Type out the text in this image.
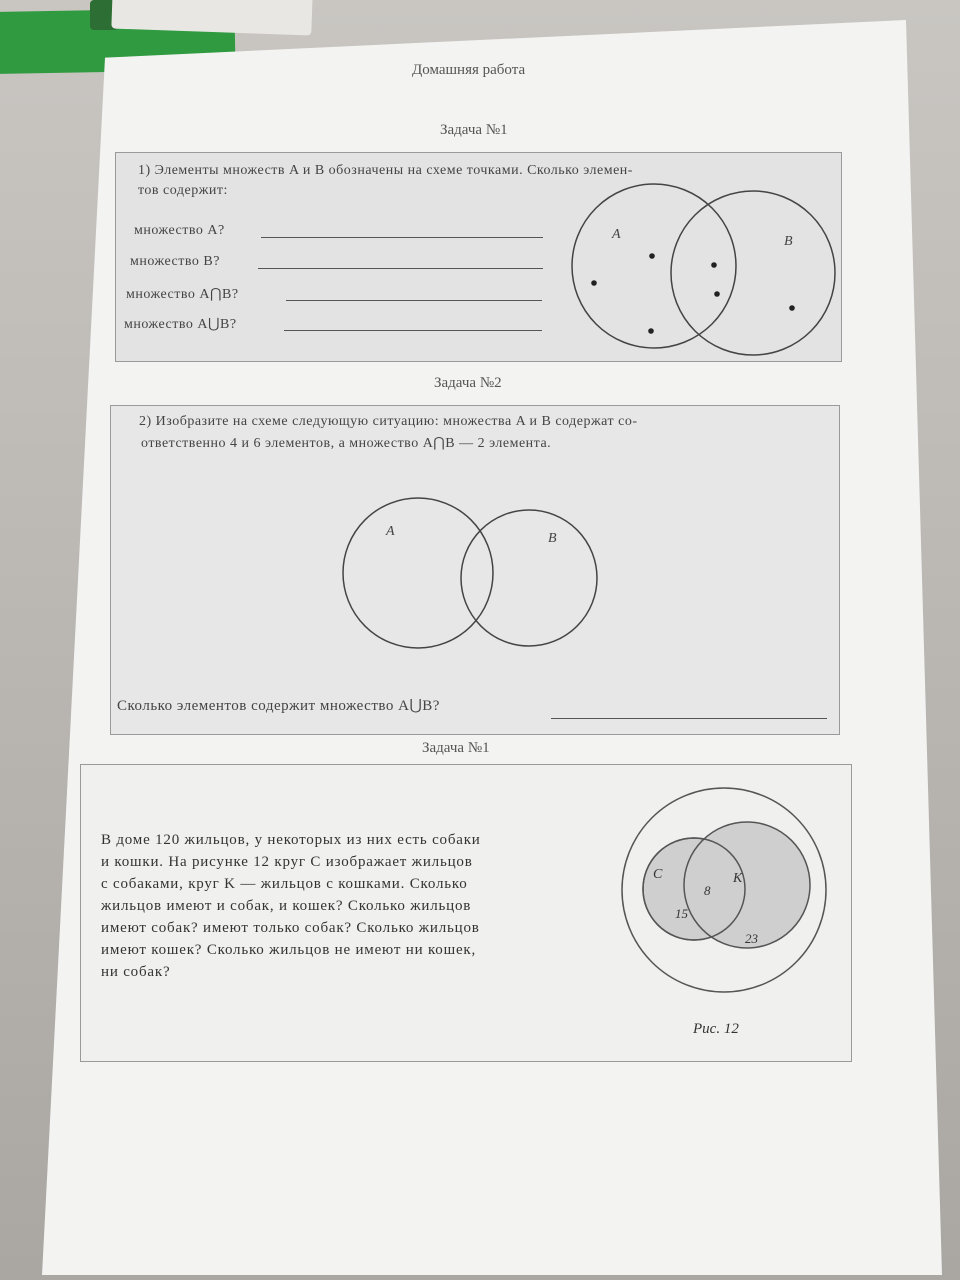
Домашняя работа
Задача №1
1) Элементы множеств A и B обозначены на схеме точками. Сколько элемен-
тов содержит:
множество A?
множество B?
множество A⋂B?
множество A⋃B?
A	B
Задача №2
2) Изобразите на схеме следующую ситуацию: множества A и B содержат со-
ответственно 4 и 6 элементов, а множество A⋂B — 2 элемента.
A	B
Сколько элементов содержит множество A⋃B?
Задача №1
В доме 120 жильцов, у некоторых из них есть собаки
и кошки. На рисунке 12 круг C изображает жильцов
с собаками, круг K — жильцов с кошками. Сколько
жильцов имеют и собак, и кошек? Сколько жильцов
имеют собак? имеют только собак? Сколько жильцов
имеют кошек? Сколько жильцов не имеют ни кошек,
ни собак?
C	K
8
15
23
Рис. 12
